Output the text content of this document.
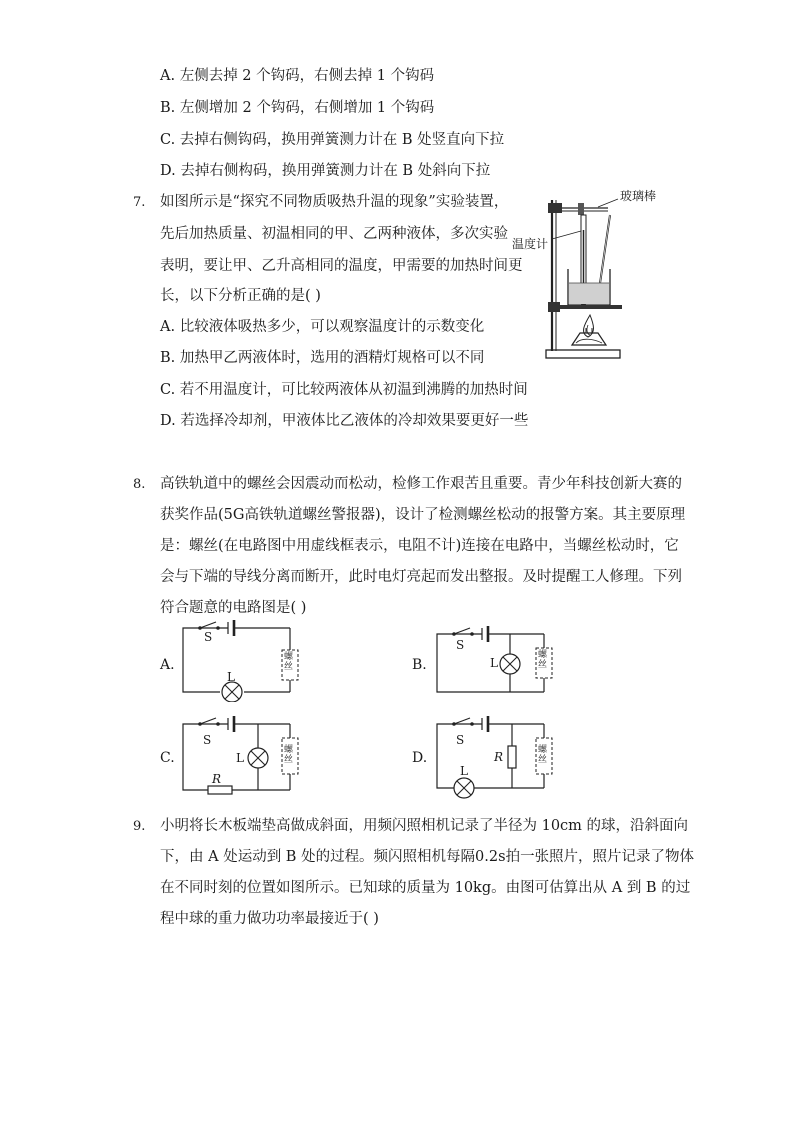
A. 左侧去掉 2 个钩码，右侧去掉 1 个钩码
B. 左侧增加 2 个钩码，右侧增加 1 个钩码
C. 去掉右侧钩码，换用弹簧测力计在 B 处竖直向下拉
D. 去掉右侧构码，换用弹簧测力计在 B 处斜向下拉
7. 如图所示是“探究不同物质吸热升温的现象”实验装置，
先后加热质量、初温相同的甲、乙两种液体，多次实验
表明，要让甲、乙升高相同的温度，甲需要的加热时间更
长，以下分析正确的是( )
A. 比较液体吸热多少，可以观察温度计的示数变化
B. 加热甲乙两液体时，选用的酒精灯规格可以不同
C. 若不用温度计，可比较两液体从初温到沸腾的加热时间
D. 若选择冷却剂，甲液体比乙液体的冷却效果要更好一些
玻璃棒
温度计
8. 高铁轨道中的螺丝会因震动而松动，检修工作艰苦且重要。青少年科技创新大赛的
获奖作品(5G高铁轨道螺丝警报器)，设计了检测螺丝松动的报警方案。其主要原理
是：螺丝(在电路图中用虚线框表示，电阻不计)连接在电路中，当螺丝松动时，它
会与下端的导线分离而断开，此时电灯亮起而发出整报。及时提醒工人修理。下列
符合题意的电路图是( )
A.
S
L
螺丝	B.
S
L
螺丝
C.
S
L
R
螺丝	D.
S
L
R	螺丝
9. 小明将长木板端垫高做成斜面，用频闪照相机记录了半径为 10cm 的球，沿斜面向
下，由 A 处运动到 B 处的过程。频闪照相机每隔0.2s拍一张照片，照片记录了物体
在不同时刻的位置如图所示。已知球的质量为 10kg。由图可估算出从 A 到 B 的过
程中球的重力做功功率最接近于( )
